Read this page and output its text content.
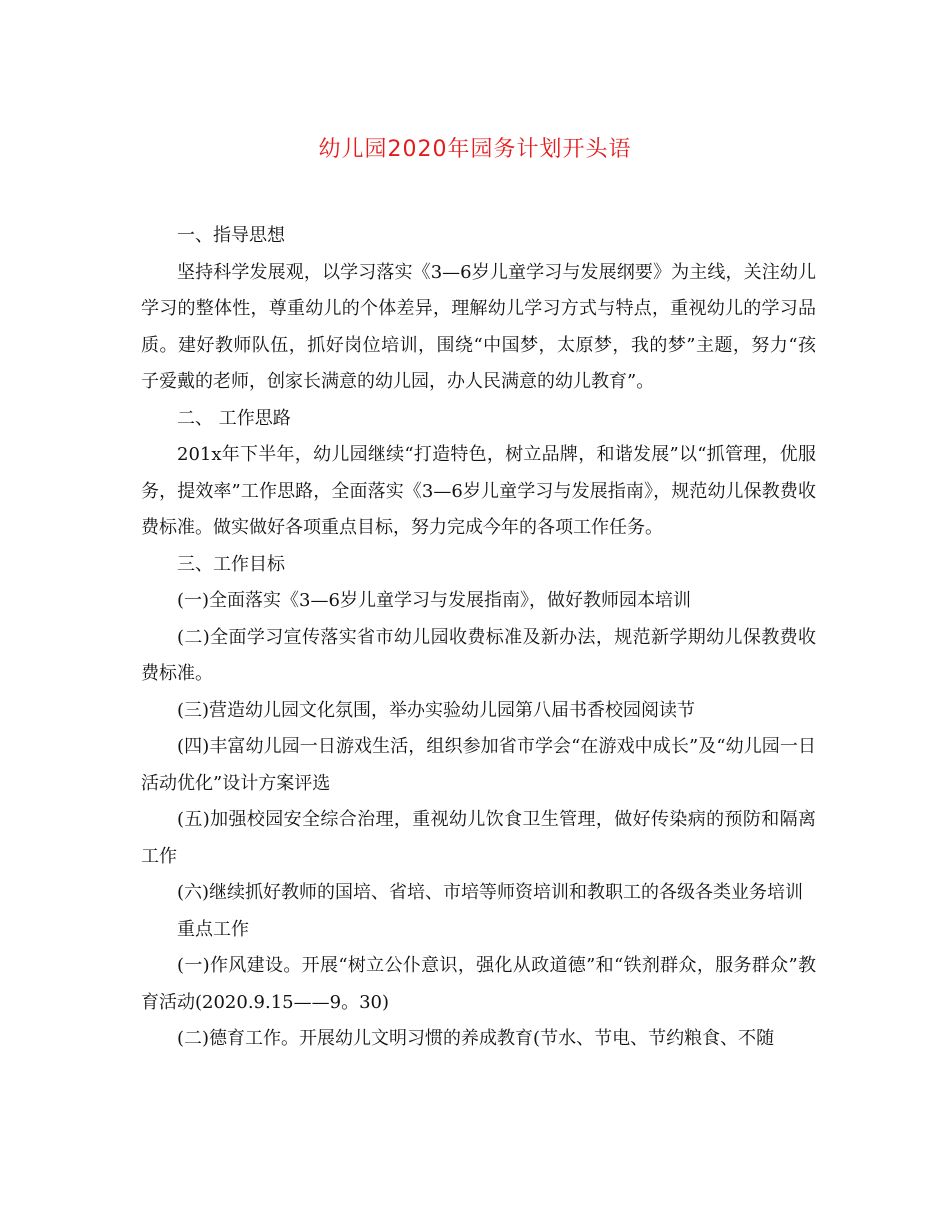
幼儿园2020年园务计划开头语

一、指导思想

坚持科学发展观，以学习落实《3—6岁儿童学习与发展纲要》为主线，关注幼儿学习的整体性，尊重幼儿的个体差异，理解幼儿学习方式与特点，重视幼儿的学习品质。建好教师队伍，抓好岗位培训，围绕“中国梦，太原梦，我的梦”主题，努力“孩子爱戴的老师，创家长满意的幼儿园，办人民满意的幼儿教育”。

二、 工作思路

201x年下半年，幼儿园继续“打造特色，树立品牌，和谐发展”以“抓管理，优服务，提效率”工作思路，全面落实《3—6岁儿童学习与发展指南》，规范幼儿保教费收费标准。做实做好各项重点目标，努力完成今年的各项工作任务。

三、工作目标

(一)全面落实《3—6岁儿童学习与发展指南》，做好教师园本培训

(二)全面学习宣传落实省市幼儿园收费标准及新办法，规范新学期幼儿保教费收费标准。

(三)营造幼儿园文化氛围，举办实验幼儿园第八届书香校园阅读节

(四)丰富幼儿园一日游戏生活，组织参加省市学会“在游戏中成长”及“幼儿园一日活动优化”设计方案评选

(五)加强校园安全综合治理，重视幼儿饮食卫生管理，做好传染病的预防和隔离工作

(六)继续抓好教师的国培、省培、市培等师资培训和教职工的各级各类业务培训

重点工作

(一)作风建设。开展“树立公仆意识，强化从政道德”和“铁剂群众，服务群众”教育活动(2020.9.15——9。30)

(二)德育工作。开展幼儿文明习惯的养成教育(节水、节电、节约粮食、不随
